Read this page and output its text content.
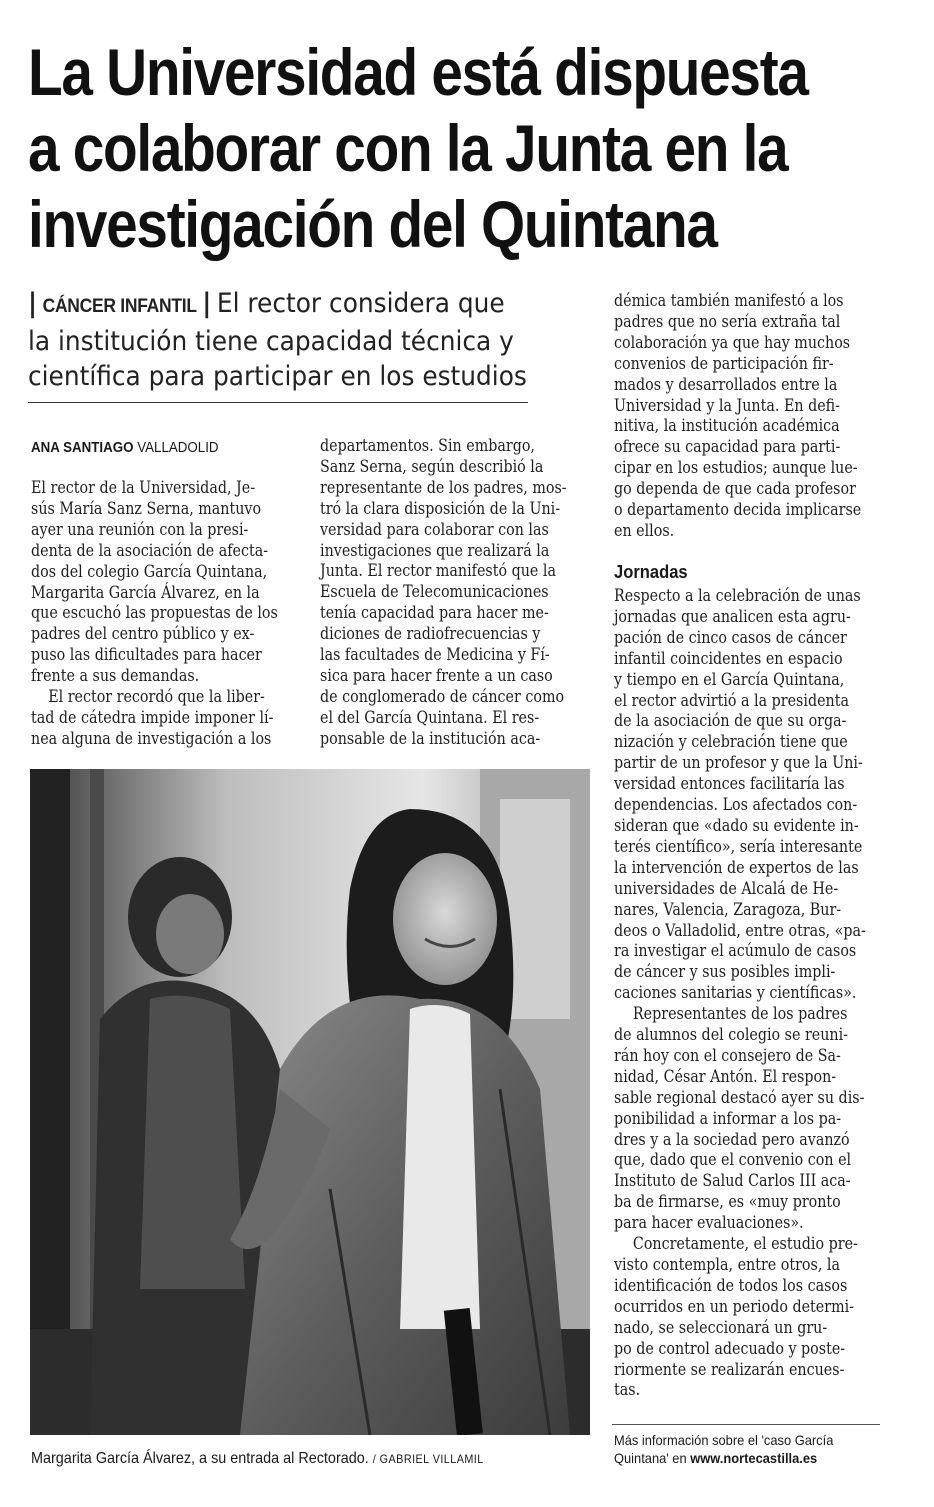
La Universidad está dispuesta
a colaborar con la Junta en la
investigación del Quintana
| CÁNCER INFANTIL | El rector considera que
la institución tiene capacidad técnica y
científica para participar en los estudios
ANA SANTIAGO VALLADOLID
El rector de la Universidad, Je-
sús María Sanz Serna, mantuvo
ayer una reunión con la presi-
denta de la asociación de afecta-
dos del colegio García Quintana,
Margarita García Álvarez, en la
que escuchó las propuestas de los
padres del centro público y ex-
puso las dificultades para hacer
frente a sus demandas.
El rector recordó que la liber-
tad de cátedra impide imponer lí-
nea alguna de investigación a los
departamentos. Sin embargo,
Sanz Serna, según describió la
representante de los padres, mos-
tró la clara disposición de la Uni-
versidad para colaborar con las
investigaciones que realizará la
Junta. El rector manifestó que la
Escuela de Telecomunicaciones
tenía capacidad para hacer me-
diciones de radiofrecuencias y
las facultades de Medicina y Fí-
sica para hacer frente a un caso
de conglomerado de cáncer como
el del García Quintana. El res-
ponsable de la institución aca-
démica también manifestó a los
padres que no sería extraña tal
colaboración ya que hay muchos
convenios de participación fir-
mados y desarrollados entre la
Universidad y la Junta. En defi-
nitiva, la institución académica
ofrece su capacidad para parti-
cipar en los estudios; aunque lue-
go dependa de que cada profesor
o departamento decida implicarse
en ellos.
Jornadas
Respecto a la celebración de unas
jornadas que analicen esta agru-
pación de cinco casos de cáncer
infantil coincidentes en espacio
y tiempo en el García Quintana,
el rector advirtió a la presidenta
de la asociación de que su orga-
nización y celebración tiene que
partir de un profesor y que la Uni-
versidad entonces facilitaría las
dependencias. Los afectados con-
sideran que «dado su evidente in-
terés científico», sería interesante
la intervención de expertos de las
universidades de Alcalá de He-
nares, Valencia, Zaragoza, Bur-
deos o Valladolid, entre otras, «pa-
ra investigar el acúmulo de casos
de cáncer y sus posibles impli-
caciones sanitarias y científicas».
Representantes de los padres
de alumnos del colegio se reuni-
rán hoy con el consejero de Sa-
nidad, César Antón. El respon-
sable regional destacó ayer su dis-
ponibilidad a informar a los pa-
dres y a la sociedad pero avanzó
que, dado que el convenio con el
Instituto de Salud Carlos III aca-
ba de firmarse, es «muy pronto
para hacer evaluaciones».
Concretamente, el estudio pre-
visto contempla, entre otros, la
identificación de todos los casos
ocurridos en un periodo determi-
nado, se seleccionará un gru-
po de control adecuado y poste-
riormente se realizarán encues-
tas.
Margarita García Álvarez, a su entrada al Rectorado. / GABRIEL VILLAMIL
Más información sobre el 'caso García
Quintana' en www.nortecastilla.es
